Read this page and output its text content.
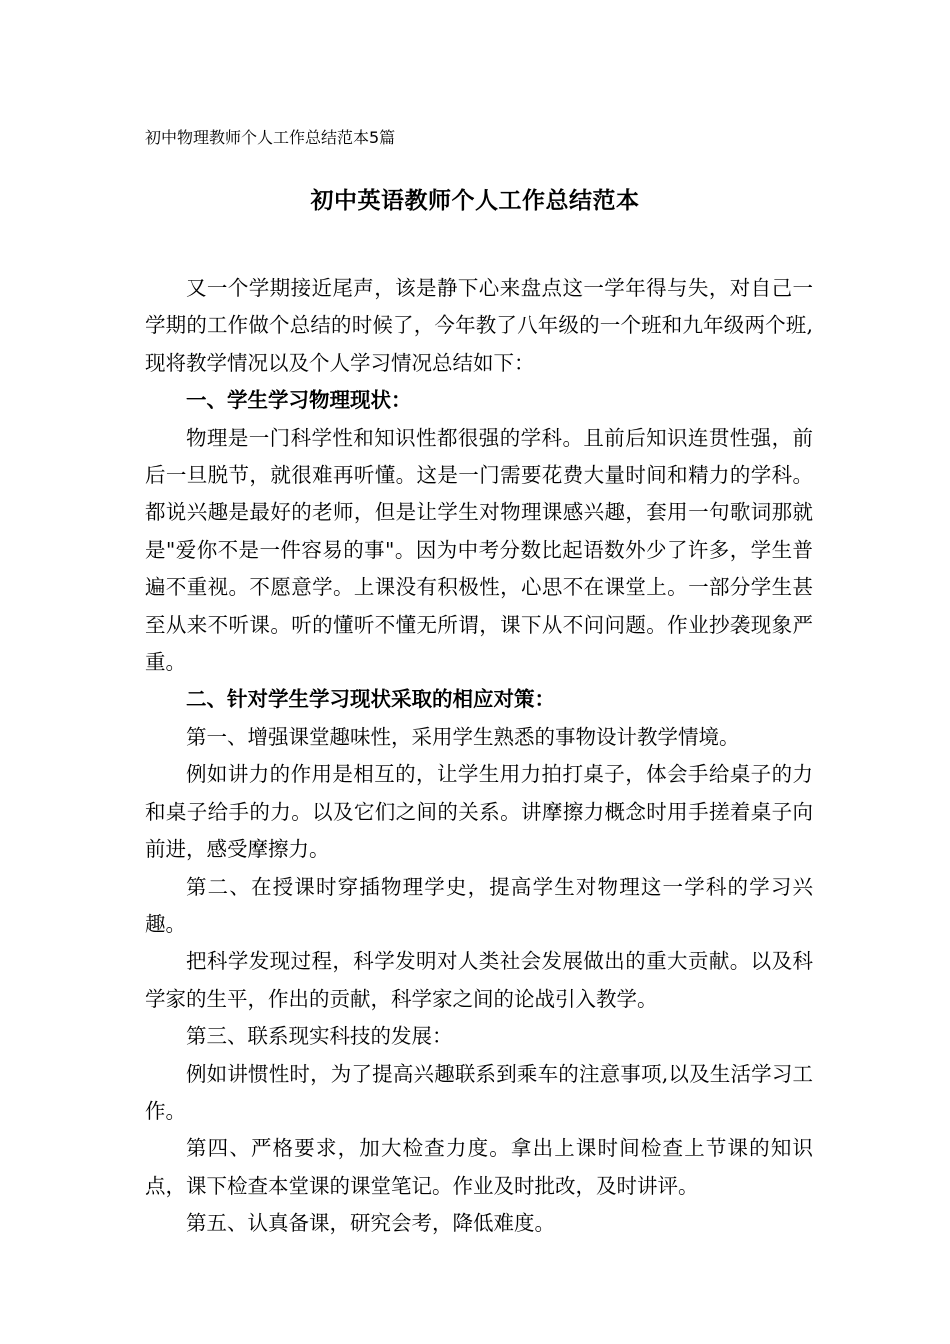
初中物理教师个人工作总结范本5篇
初中英语教师个人工作总结范本

又一个学期接近尾声，该是静下心来盘点这一学年得与失，对自己一学期的工作做个总结的时候了，今年教了八年级的一个班和九年级两个班,现将教学情况以及个人学习情况总结如下：

一、学生学习物理现状：

物理是一门科学性和知识性都很强的学科。且前后知识连贯性强，前后一旦脱节，就很难再听懂。这是一门需要花费大量时间和精力的学科。都说兴趣是最好的老师，但是让学生对物理课感兴趣，套用一句歌词那就是"爱你不是一件容易的事"。因为中考分数比起语数外少了许多，学生普遍不重视。不愿意学。上课没有积极性，心思不在课堂上。一部分学生甚至从来不听课。听的懂听不懂无所谓，课下从不问问题。作业抄袭现象严重。

二、针对学生学习现状采取的相应对策：

第一、增强课堂趣味性，采用学生熟悉的事物设计教学情境。

例如讲力的作用是相互的，让学生用力拍打桌子，体会手给桌子的力和桌子给手的力。以及它们之间的关系。讲摩擦力概念时用手搓着桌子向前进，感受摩擦力。

第二、在授课时穿插物理学史，提高学生对物理这一学科的学习兴趣。

把科学发现过程，科学发明对人类社会发展做出的重大贡献。以及科学家的生平，作出的贡献，科学家之间的论战引入教学。

第三、联系现实科技的发展：

例如讲惯性时，为了提高兴趣联系到乘车的注意事项,以及生活学习工作。

第四、严格要求，加大检查力度。拿出上课时间检查上节课的知识点，课下检查本堂课的课堂笔记。作业及时批改，及时讲评。

第五、认真备课，研究会考，降低难度。
